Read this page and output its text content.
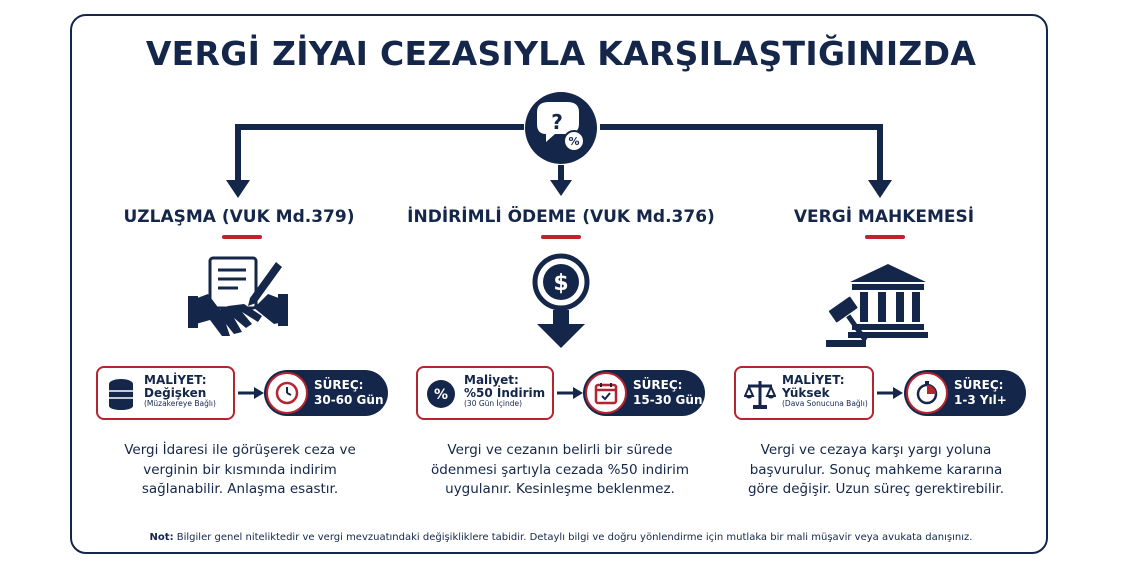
VERGİ ZİYAI CEZASIYLA KARŞILAŞTIĞINIZDA
?
%
UZLAŞMA (VUK Md.379)
MALİYET:
Değişken
(Müzakereye Bağlı)
SÜREÇ:
30-60 Gün
Vergi İdaresi ile görüşerek ceza ve
verginin bir kısmında indirim
sağlanabilir. Anlaşma esastır.
İNDİRİMLİ ÖDEME (VUK Md.376)
$
%
Maliyet:
%50 İndirim
(30 Gün İçinde)
SÜREÇ:
15-30 Gün
Vergi ve cezanın belirli bir sürede
ödenmesi şartıyla cezada %50 indirim
uygulanır. Kesinleşme beklenmez.
VERGİ MAHKEMESİ
MALİYET:
Yüksek
(Dava Sonucuna Bağlı)
SÜREÇ:
1-3 Yıl+
Vergi ve cezaya karşı yargı yoluna
başvurulur. Sonuç mahkeme kararına
göre değişir. Uzun süreç gerektirebilir.
Not: Bilgiler genel niteliktedir ve vergi mevzuatındaki değişikliklere tabidir. Detaylı bilgi ve doğru yönlendirme için mutlaka bir mali müşavir veya avukata danışınız.
